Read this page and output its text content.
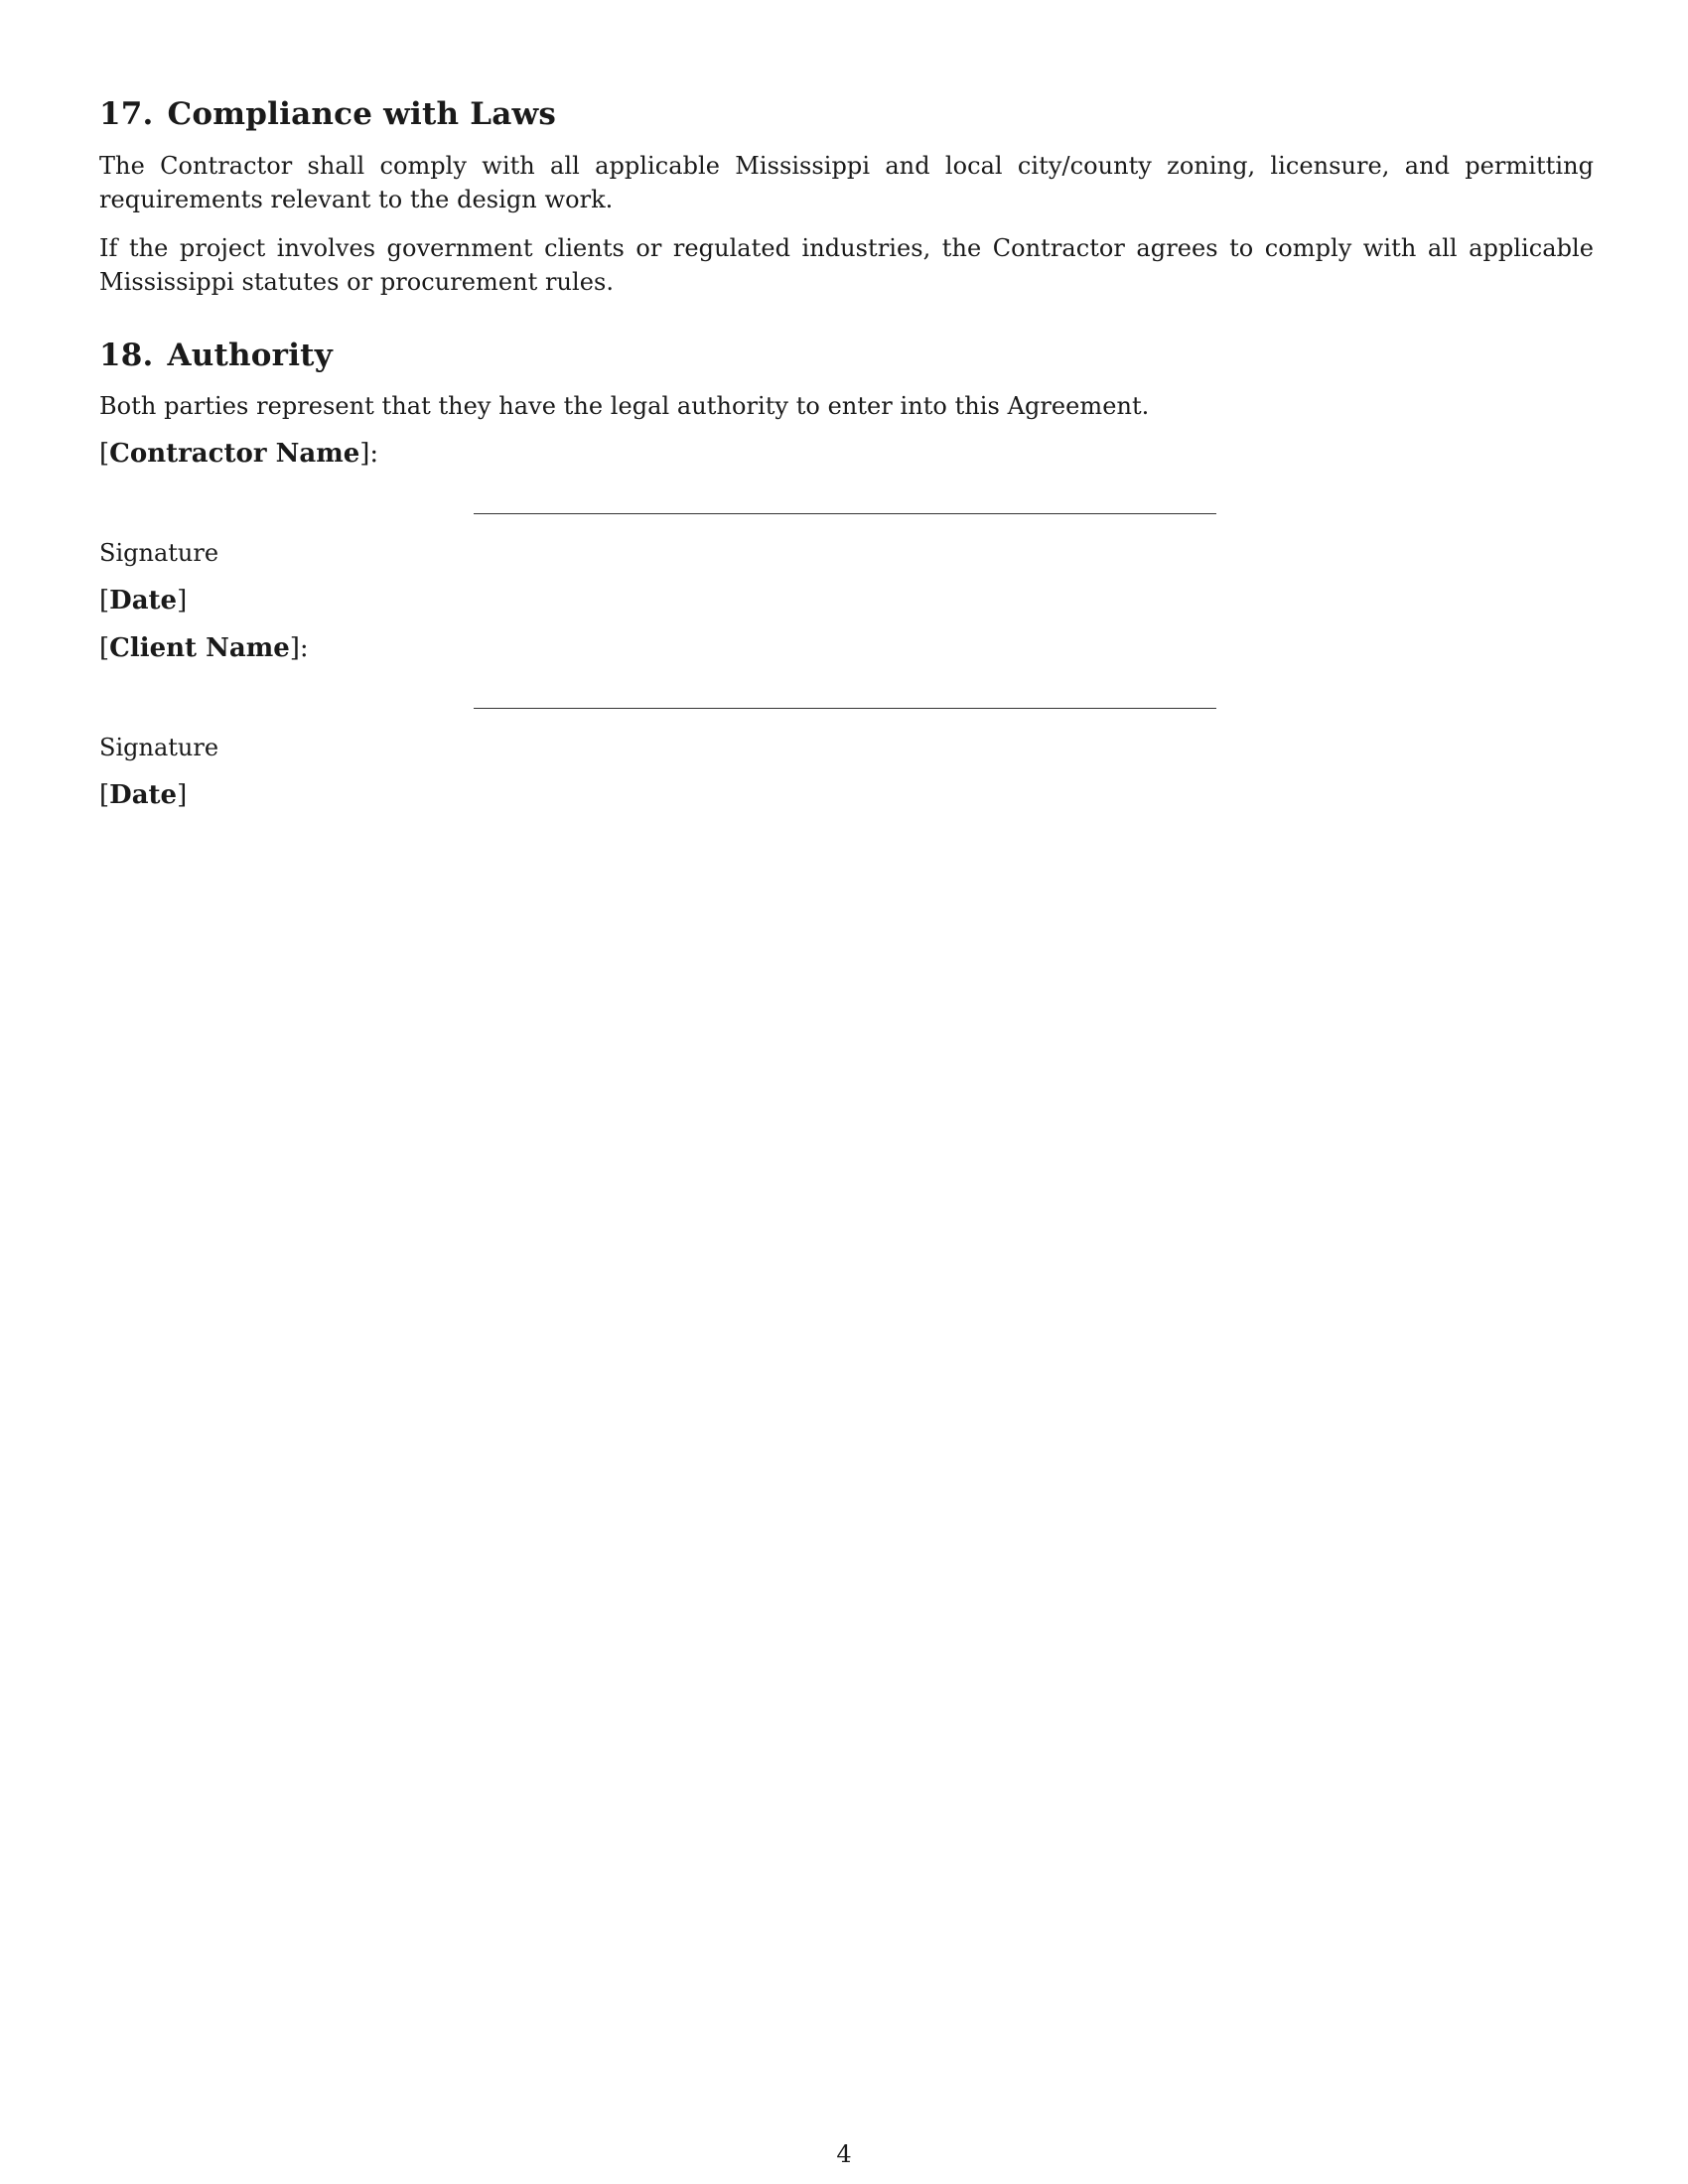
17. Compliance with Laws

The Contractor shall comply with all applicable Mississippi and local city/county zoning, licensure, and permitting requirements relevant to the design work.

If the project involves government clients or regulated industries, the Contractor agrees to comply with all applicable Mississippi statutes or procurement rules.

18. Authority

Both parties represent that they have the legal authority to enter into this Agreement.

[Contractor Name]:
Signature
[Date]
[Client Name]:
Signature
[Date]
4
